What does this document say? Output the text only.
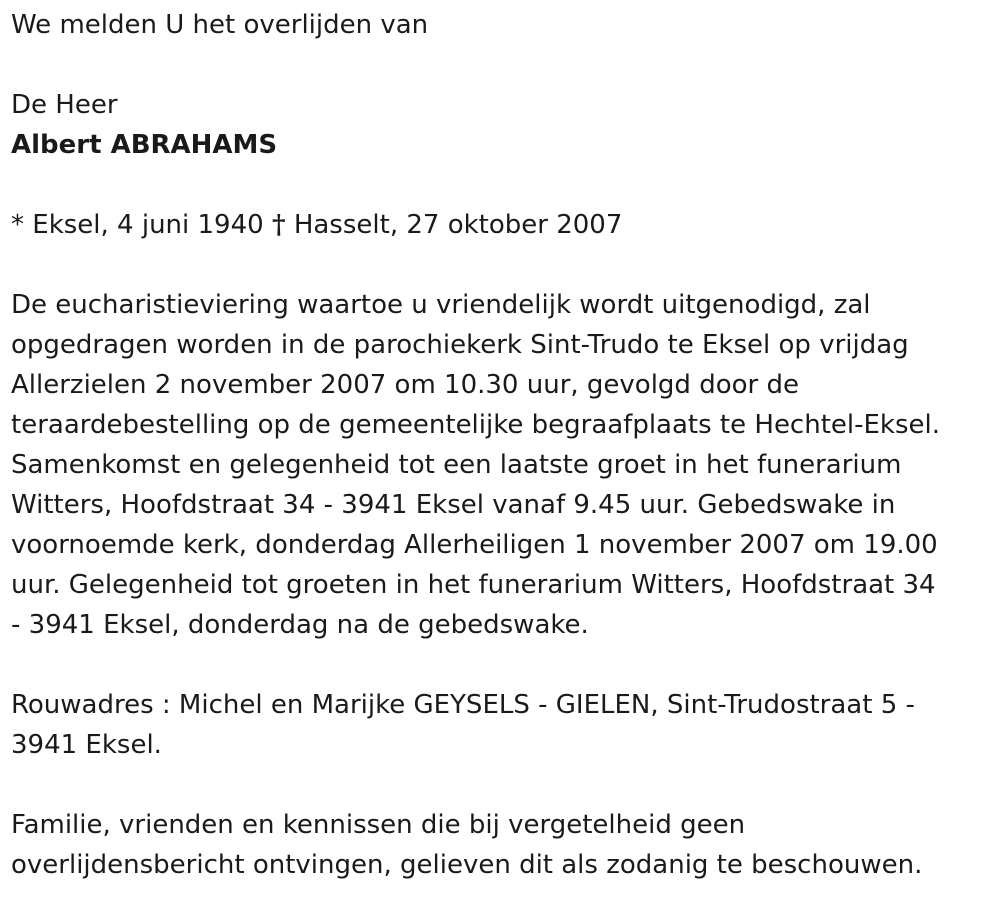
We melden U het overlijden van
De Heer
Albert ABRAHAMS
* Eksel, 4 juni 1940 † Hasselt, 27 oktober 2007
De eucharistieviering waartoe u vriendelijk wordt uitgenodigd, zal
opgedragen worden in de parochiekerk Sint-Trudo te Eksel op vrijdag
Allerzielen 2 november 2007 om 10.30 uur, gevolgd door de
teraardebestelling op de gemeentelijke begraafplaats te Hechtel-Eksel.
Samenkomst en gelegenheid tot een laatste groet in het funerarium
Witters, Hoofdstraat 34 - 3941 Eksel vanaf 9.45 uur. Gebedswake in
voornoemde kerk, donderdag Allerheiligen 1 november 2007 om 19.00
uur. Gelegenheid tot groeten in het funerarium Witters, Hoofdstraat 34
- 3941 Eksel, donderdag na de gebedswake.
Rouwadres : Michel en Marijke GEYSELS - GIELEN, Sint-Trudostraat 5 -
3941 Eksel.
Familie, vrienden en kennissen die bij vergetelheid geen
overlijdensbericht ontvingen, gelieven dit als zodanig te beschouwen.
